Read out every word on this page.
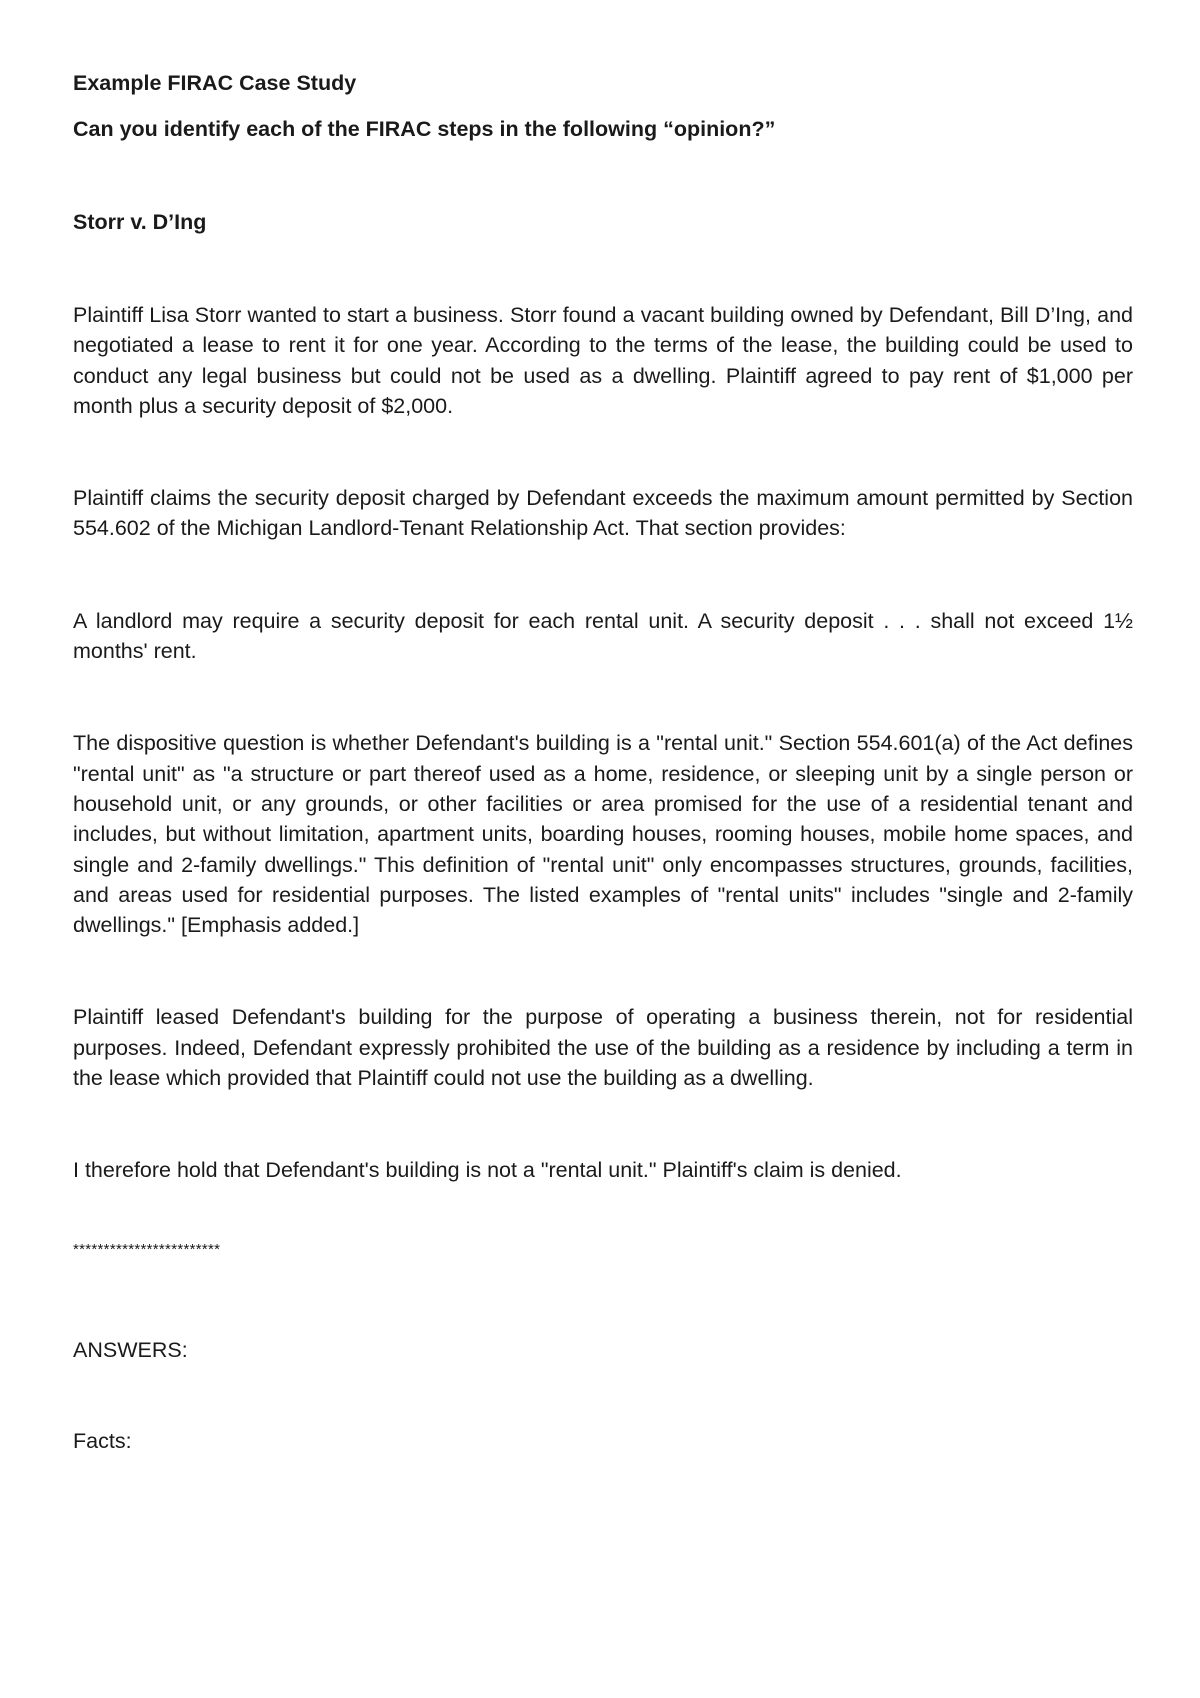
Example FIRAC Case Study

Can you identify each of the FIRAC steps in the following “opinion?”

Storr v. D’Ing

Plaintiff Lisa Storr wanted to start a business. Storr found a vacant building owned by Defendant, Bill D’Ing, and negotiated a lease to rent it for one year. According to the terms of the lease, the building could be used to conduct any legal business but could not be used as a dwelling. Plaintiff agreed to pay rent of $1,000 per month plus a security deposit of $2,000.

Plaintiff claims the security deposit charged by Defendant exceeds the maximum amount permitted by Section 554.602 of the Michigan Landlord-Tenant Relationship Act. That section provides:

A landlord may require a security deposit for each rental unit. A security deposit . . . shall not exceed 1½ months' rent.

The dispositive question is whether Defendant's building is a "rental unit." Section 554.601(a) of the Act defines "rental unit" as "a structure or part thereof used as a home, residence, or sleeping unit by a single person or household unit, or any grounds, or other facilities or area promised for the use of a residential tenant and includes, but without limitation, apartment units, boarding houses, rooming houses, mobile home spaces, and single and 2-family dwellings." This definition of "rental unit" only encompasses structures, grounds, facilities, and areas used for residential purposes. The listed examples of "rental units" includes "single and 2-family dwellings." [Emphasis added.]

Plaintiff leased Defendant's building for the purpose of operating a business therein, not for residential purposes. Indeed, Defendant expressly prohibited the use of the building as a residence by including a term in the lease which provided that Plaintiff could not use the building as a dwelling.

I therefore hold that Defendant's building is not a "rental unit." Plaintiff's claim is denied.

************************

ANSWERS:

Facts:
